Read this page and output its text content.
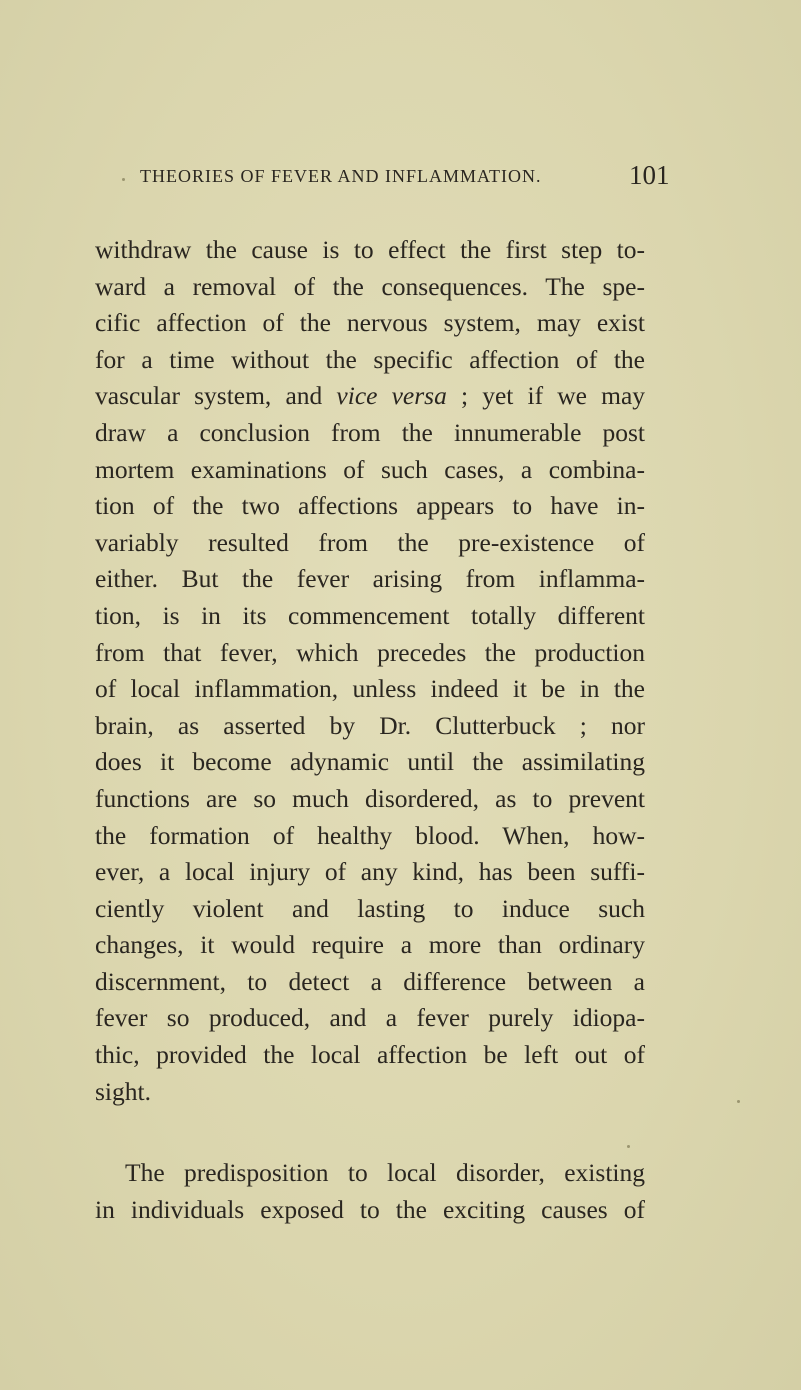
THEORIES OF FEVER AND INFLAMMATION.	101
withdraw the cause is to effect the first step to-
ward a removal of the consequences. The spe-
cific affection of the nervous system, may exist
for a time without the specific affection of the
vascular system, and vice versa ; yet if we may
draw a conclusion from the innumerable post
mortem examinations of such cases, a combina-
tion of the two affections appears to have in-
variably resulted from the pre-existence of
either. But the fever arising from inflamma-
tion, is in its commencement totally different
from that fever, which precedes the production
of local inflammation, unless indeed it be in the
brain, as asserted by Dr. Clutterbuck ; nor
does it become adynamic until the assimilating
functions are so much disordered, as to prevent
the formation of healthy blood. When, how-
ever, a local injury of any kind, has been suffi-
ciently violent and lasting to induce such
changes, it would require a more than ordinary
discernment, to detect a difference between a
fever so produced, and a fever purely idiopa-
thic, provided the local affection be left out of
sight.
The predisposition to local disorder, existing
in individuals exposed to the exciting causes of
